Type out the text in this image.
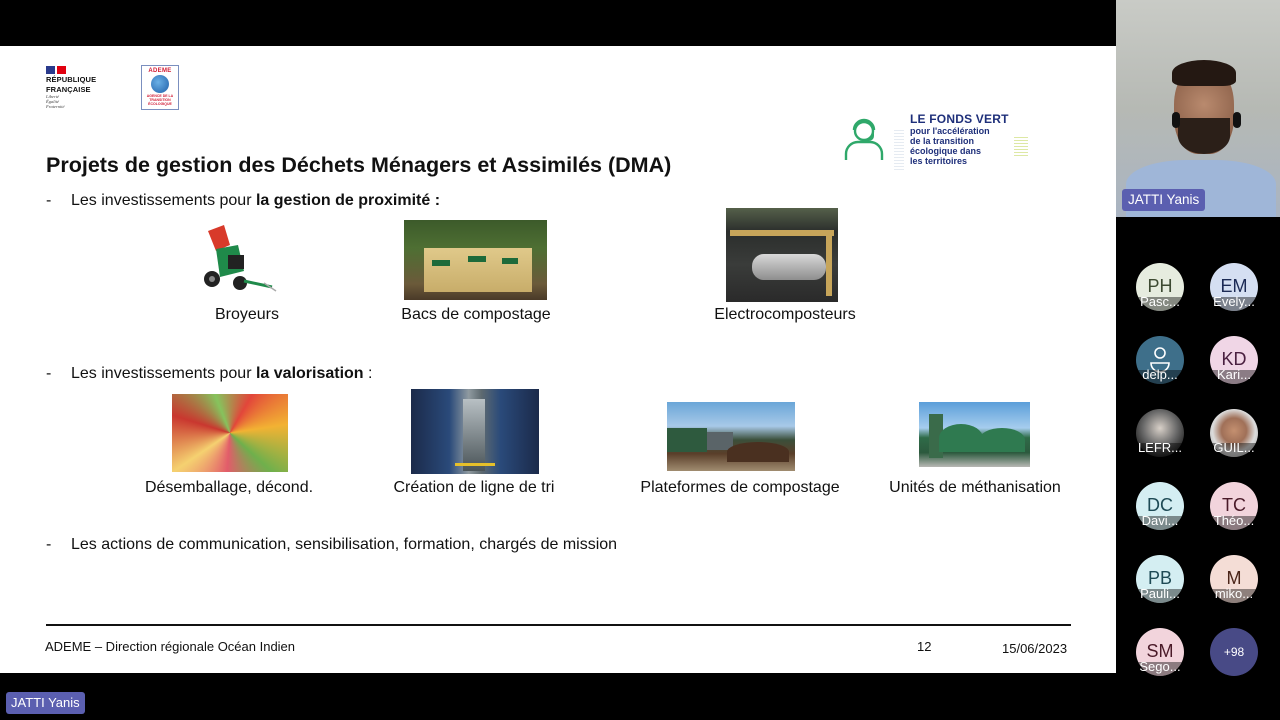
RÉPUBLIQUE
FRANÇAISE
Liberté
Égalité
Fraternité
ADEME
AGENCE DE LA TRANSITION ÉCOLOGIQUE
LE FONDS VERT
pour l'accélération
de la transition
écologique dans
les territoires
Projets de gestion des Déchets Ménagers et Assimilés (DMA)
- Les investissements pour la gestion de proximité :
Broyeurs	Bacs de compostage	Electrocomposteurs
- Les investissements pour la valorisation :
Désemballage, décond.	Création de ligne de tri	Plateformes de compostage	Unités de méthanisation
- Les actions de communication, sensibilisation, formation, chargés de mission
ADEME – Direction régionale Océan Indien	12	15/06/2023
JATTI Yanis
PH
Pasc...
EM
Evely...
delp...
KD
Kari...
LEFR...	GUIL...
DC
Davi...
TC
Théo...
PB
Pauli...
M
miko...
SM
Sego...
+98
JATTI Yanis
